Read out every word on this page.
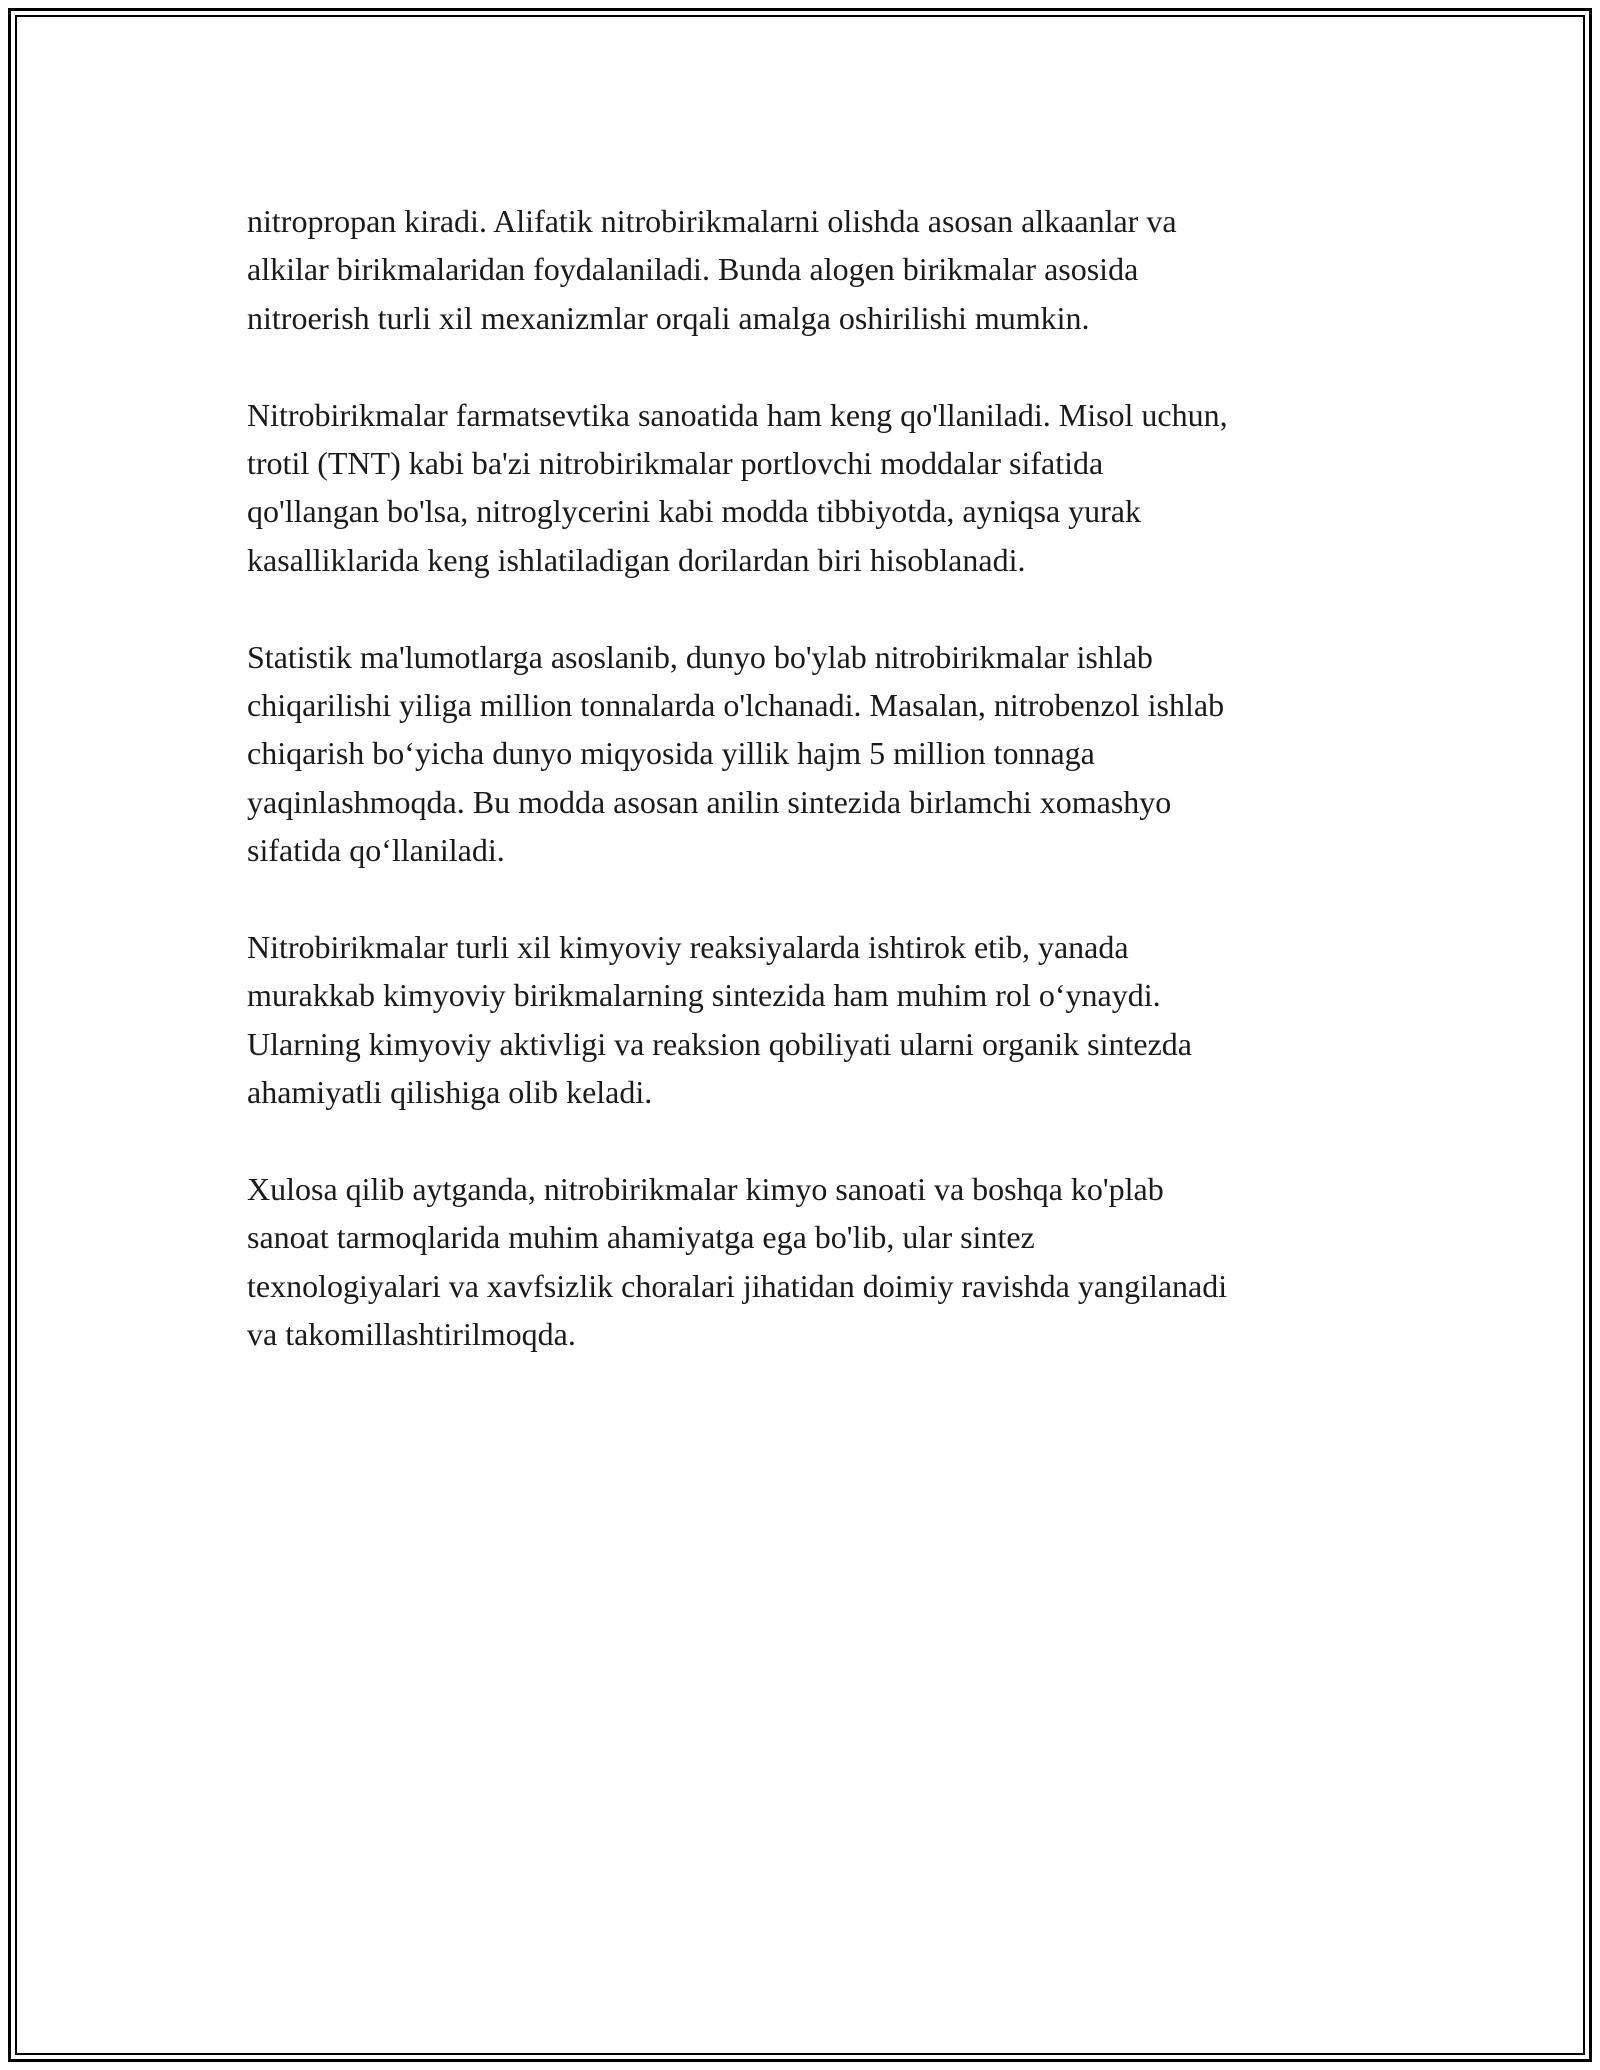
nitropropan kiradi. Alifatik nitrobirikmalarni olishda asosan alkaanlar va
alkilar birikmalaridan foydalaniladi. Bunda alogen birikmalar asosida
nitroerish turli xil mexanizmlar orqali amalga oshirilishi mumkin.

Nitrobirikmalar farmatsevtika sanoatida ham keng qo'llaniladi. Misol uchun,
trotil (TNT) kabi ba'zi nitrobirikmalar portlovchi moddalar sifatida
qo'llangan bo'lsa, nitroglycerini kabi modda tibbiyotda, ayniqsa yurak
kasalliklarida keng ishlatiladigan dorilardan biri hisoblanadi.

Statistik ma'lumotlarga asoslanib, dunyo bo'ylab nitrobirikmalar ishlab
chiqarilishi yiliga million tonnalarda o'lchanadi. Masalan, nitrobenzol ishlab
chiqarish bo‘yicha dunyo miqyosida yillik hajm 5 million tonnaga
yaqinlashmoqda. Bu modda asosan anilin sintezida birlamchi xomashyo
sifatida qo‘llaniladi.

Nitrobirikmalar turli xil kimyoviy reaksiyalarda ishtirok etib, yanada
murakkab kimyoviy birikmalarning sintezida ham muhim rol o‘ynaydi.
Ularning kimyoviy aktivligi va reaksion qobiliyati ularni organik sintezda
ahamiyatli qilishiga olib keladi.

Xulosa qilib aytganda, nitrobirikmalar kimyo sanoati va boshqa ko'plab
sanoat tarmoqlarida muhim ahamiyatga ega bo'lib, ular sintez
texnologiyalari va xavfsizlik choralari jihatidan doimiy ravishda yangilanadi
va takomillashtirilmoqda.
